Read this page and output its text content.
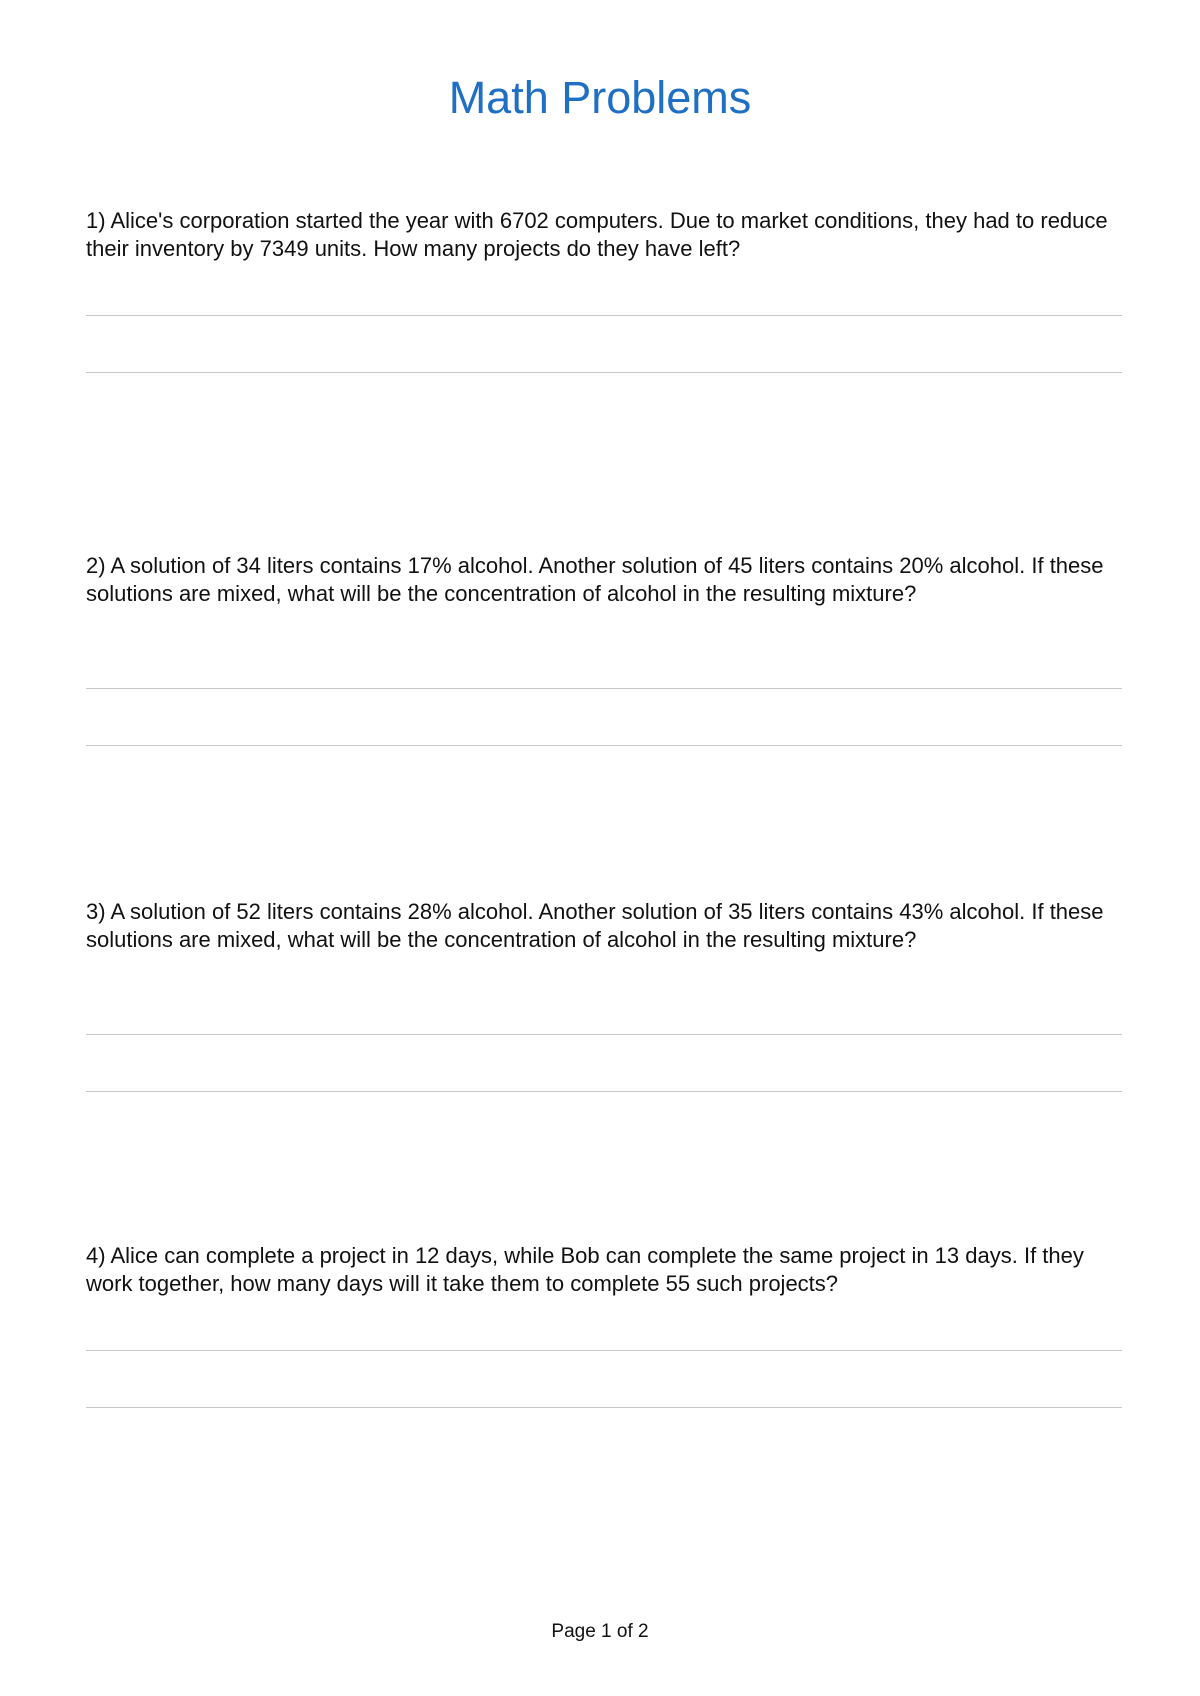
Math Problems

1) Alice's corporation started the year with 6702 computers. Due to market conditions, they had to reduce their inventory by 7349 units. How many projects do they have left?

2) A solution of 34 liters contains 17% alcohol. Another solution of 45 liters contains 20% alcohol. If these solutions are mixed, what will be the concentration of alcohol in the resulting mixture?

3) A solution of 52 liters contains 28% alcohol. Another solution of 35 liters contains 43% alcohol. If these solutions are mixed, what will be the concentration of alcohol in the resulting mixture?

4) Alice can complete a project in 12 days, while Bob can complete the same project in 13 days. If they work together, how many days will it take them to complete 55 such projects?

Page 1 of 2
